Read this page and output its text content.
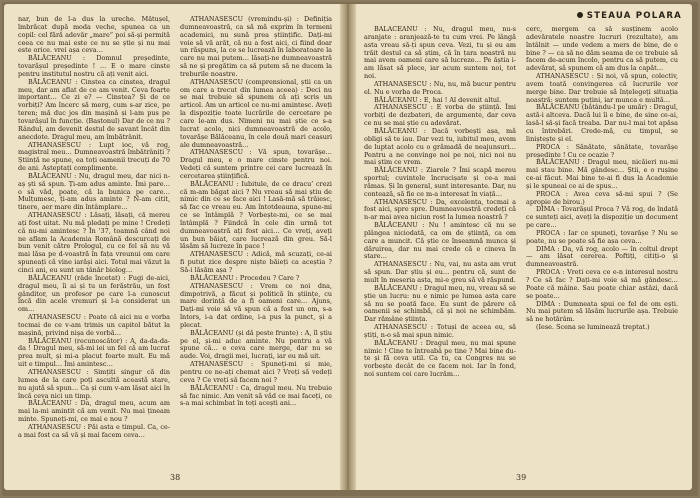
nar, bun de l-a dus la ureche. Mătușel, îmbrăcat după moda veche, spunea ca un copil: cel fără adevăr „mare” poi să-și permită ceea ce nu mai este ce nu se știe și nu mai este orice. vrei așa ceva…

BĂLĂCEANU : Domnul președinte, tovarășul președinte ! … E o mare cinste pentru institutul nostru că ați venit aici.

BĂLĂCEANU : Cinstea ca cinstea, dragul meu, dar am aflat de ce am venit. Ceva foarte important… Ce zi e? — Cinstea? Și de ce vorbiți? Am încerc să merg, cum s-ar zice, pe teren; mă duc jos din mașină și l-am pus pe tovarășul în funcție. (Bastonul) Dar de ce nu ? Rândul, am devenit destul de savant încât din anecdote. Dragul meu, am îmbătrânit.

ATHANASESCU : Lupt ioc, vă rog, magistral meu… Dumneavoastră îmbătrâniți ? Știință ne spune, ea toți oamenii trecuți de 70 de ani. Așteptați complimente.

BĂLĂCEANU : Nu, dragul meu, dar nici n-aș ști să spun. Ți-am adus aminte. Îmi pare… o să văd, poate, că la bunica pe care… Mulțumesc, ți-am adus aminte ? N-am citit, tinere, aer mare din întâmplare…

ATHANASESCU : Lăsați, lăsați, că mereu ați fost uitat. Nu mă pledați pe mine ! Credeți că nu-mi amintesc ? În '37, toamnă când noi ne aflam la Academia Română descurcați de bun venit către Prologul, cu ce fel să nu vă mai lăsa pe d-voastră în fața vreunui om care spuneați că vine iarăși aici. Totul mai văzut la cinci ani, eu sunt un tânăr biolog…

BĂLĂCEANU (râde încetat) : Fugi de-aici, dragul meu, îi ai și tu un ferăstrău, un fost gânditor, un profesor pe care l-a cunoscut încă din acele vremuri și l-a considerat un om…

ATHANASESCU : Poate că aici nu e vorba tocmai de ce v-am trimis un capitol bătut la mașină, privind nișa de vorbă…

BĂLĂCEANU (recunoscător) : A, da-da-da-da ! Dragul meu, să-mi iei un fel că am lucrat prea mult, și mi-a placut foarte mult. Eu mă uit e timpul… Îmi amintesc…

ATHANASESCU : Simțiți singur că din lumea de la care poți ascultă această stare, nu ajută să spun… Ca și cum v-am lăsat aici în încă ceva nici un timp.

BĂLĂCEANU : Da, dragul meu, acum am mai la-mi amintit că am venit. Nu mai țineam minte. Spuneți-mi, ce mai e nou ?

ATHANASESCU : Păi asta e timpul. Ca, ce-a mai fost ca să vă și mai facem ceva…

ATHANASESCU (vremindu-și) : Definiția dumneavoastră, ca să mă exprim în termeni academici, nu sună prea științific. Dați-mi voie să vă arăt, că nu a fost aici, ci fiind doar un răspuns, la ce se lucrează în laboratoare la care nu mai putem… lăsați-ne dumneavoastră să ne și pregătim ca să putem să ne ducem la treburile noastre.

ATHANASESCU (comprensional, știi ca un om care a trecut din lumea aceea) : Deci nu se mai trebuie să spunem că ați scris un articol. Am un articol ce nu-mi amintesc. Aveți la dispoziție toate lucrările de cercetare pe care le-am dus. Nimeni nu mai știe ce s-a lucrat acolo, nici dumneavoastră de acolo, tovarășe Bălăceanu, în cele două mari ceasuri ale dumneavoastră…

ATHANASESCU : Vă spun, tovarășe… Dragul meu, e o mare cinste pentru noi. Vedeți că suntem printre cei care lucrează în cercetarea științifică.

BĂLĂCEANU : Iubitule, de ce dracu’ crezi că m-am băgat aici ? Nu vreau să mai știu de nimic din ce se face aici ! Lasă-mă să trăiesc, să fac ce vreau eu. Am întotdeauna, spune-mi ce se întâmplă ? Vorbește-mi, ce se mai întâmplă ? Fiindcă în cele din urmă tot dumneavoastră ați fost aici… Ce vreți, aveți un bun băiat, care lucrează din greu. Să-l lăsăm să lucreze în pace !

ATHANASESCU : Adică, mă scuzați, ce-ai fi putut zice despre niște băieți ca aceștia ? Să-i lăsăm așa ?

BĂLĂCEANU : Procedeu ? Care ?

ATHANASESCU : Vrem ce noi dna, dimpotrivă, a făcut și politică în științe, cu mare dorință de a fi oameni care… Ajuns, Dați-mi voie să vă spun că a fost un om, s-a întors, i-a dat ordine, i-a pus la punct, și a plecat.

BĂLĂCEANU (și dă peste frunte) : A, îl știu pe el, și-mi aduc aminte. Nu pentru a vă spune că… e ceva care merge, dar nu se aude. Voi, dragii mei, lucrați, iar eu mă uit.

ATHANASESCU : Spuneți-mi și mie, pentru ce ne-ați chemat aici ? Vreți să vedeți ceva ? Ce vreți să facem noi ?

BĂLĂCEANU : Ca, dragul meu. Nu trebuie să fac nimic. Am venit să văd ce mai faceți, ce s-a mai schimbat în toți acești ani…

38
STEAUA POLARA

BĂLĂCEANU : Nu, dragul meu, nu-s aranjate : aranjează-te tu cum vrei. Pe lângă asta vreau să-ți spun ceva. Vezi, tu și eu am trăit destul ca să știm, că în țara noastră nu mai avem oameni care să lucreze… Pe ăștia i-am lăsat să plece, iar acum suntem noi, tot noi.

ATHANASESCU : Nu, nu, mă bucur pentru el. Nu e vorba de Proca.

BĂLĂCEANU : E, hai ! Al devenit altul.

ATHANASESCU : E vorba de știință. Îmi vorbiți de dezbateri, de argumente, dar ceva ce nu se mai știe cu adevărat.

BĂLĂCEANU : Dacă vorbești așa, mă obligi să te iau. Dar vezi tu, iubitul meu, avem de luptat acolo cu o grămadă de neajunsuri… Pentru a ne convinge noi pe noi, nici noi nu mai știm ce vrem.

BĂLĂCEANU : Ziarele ? Îmi scapă mereu sportul; cuvintele încrucișate și ce-a mai rămas. Și în general, sunt interesante. Dar, nu contează, să fie ce m-a interesat în viață…

ATHANASESCU : Da, excelența, tocmai a fost aici, spre spre. Dumneavoastră credeți că n-ar mai avea niciun rost la lumea noastră ?

BĂLĂCEANU : Nu ! amintesc că nu se plângea niciodată, ca om de știință, ca om care a muncit. Că știe ce înseamnă munca și dăruirea, dar nu mai crede că e cineva în stare…

ATHANASESCU : Nu, vai, nu asta am vrut să spun. Dar știu și eu… pentru că, sunt de mult în meseria asta, mi-e greu să vă răspund.

BĂLĂCEANU : Dragul meu, nu, vreau să se știe un lucru: nu e nimic pe lumea asta care să nu se poată face. Eu sunt de părere că oamenii se schimbă, că și noi ne schimbăm. Dar rămâne știința.

ATHANASESCU : Totuși de aceea eu, să știți, n-o să mai spun nimic.

BĂLĂCEANU : Dragul meu, nu mai spune nimic ! Cine te întreabă pe tine ? Mai bine du-te și fă ceva util. Ca tu, ca Congres nu se vorbește decât de ce facem noi. Iar în fond, noi suntem cei care lucrăm…

cerc, mergem ca să susținem acolo adevăratele noastre lucruri (rezultate), am întâlnit — unde vedem a mers de bine, de e bine ? — ca să ne dăm seama de ce trebuie să facem de-acum încolo, pentru ca să putem, cu adevărat, să spunem că am dus la capăt…

ATHANASESCU : Și noi, vă spun, colectiv, avem toată convingerea că lucrurile vor merge bine. Dar trebuie să înțelegeți situația noastră: suntem puțini, iar munca e multă…

BĂLĂCEANU (bătându-l pe umăr) : Dragul, astă-i altceva. Dacă lui îi e bine, de sine ce-ai, lasă-l să-și facă treaba. Dar nu-l mai tot apăsa cu întrebări. Crede-mă, cu timpul, se liniștește și el.

PROCA : Sănătate, sănătate, tovarășe președinte ! Cu ce ocazie ?

BĂLĂCEANU : Dragul meu, nicăieri nu-mi mai stau bine. Mă gândesc… Știi, e o rușine ce-ai făcut. Mai bine te-ai fi dus la Academie și le spuneai ce ai de spus…

PROCA : Avea ceva să-mi spui ? (Se apropie de birou.)

DIMA : Tovarășul Proca ? Vă rog, de îndată ce sunteți aici, aveți la dispoziție un document pe care…

PROCA : Iar ce spuneți, tovarășe ? Nu se poate, nu se poate să fie așa ceva…

DIMA : Da, vă rog, acolo — în colțul drept — am lăsat cererea. Poftiți, citiți-o și dumneavoastră.

PROCA : Vreti ceva ce e-n interesul nostru ? Ce să fac ? Dați-mi voie să mă gândesc… Poate că mâine. Sau poate chiar astăzi, dacă se poate…

DIMA : Dumneata spui ce fel de om ești. Nu mai putem să lăsăm lucrurile așa. Trebuie să ne hotărâm.

(Iese. Scena se luminează treptat.)

39
